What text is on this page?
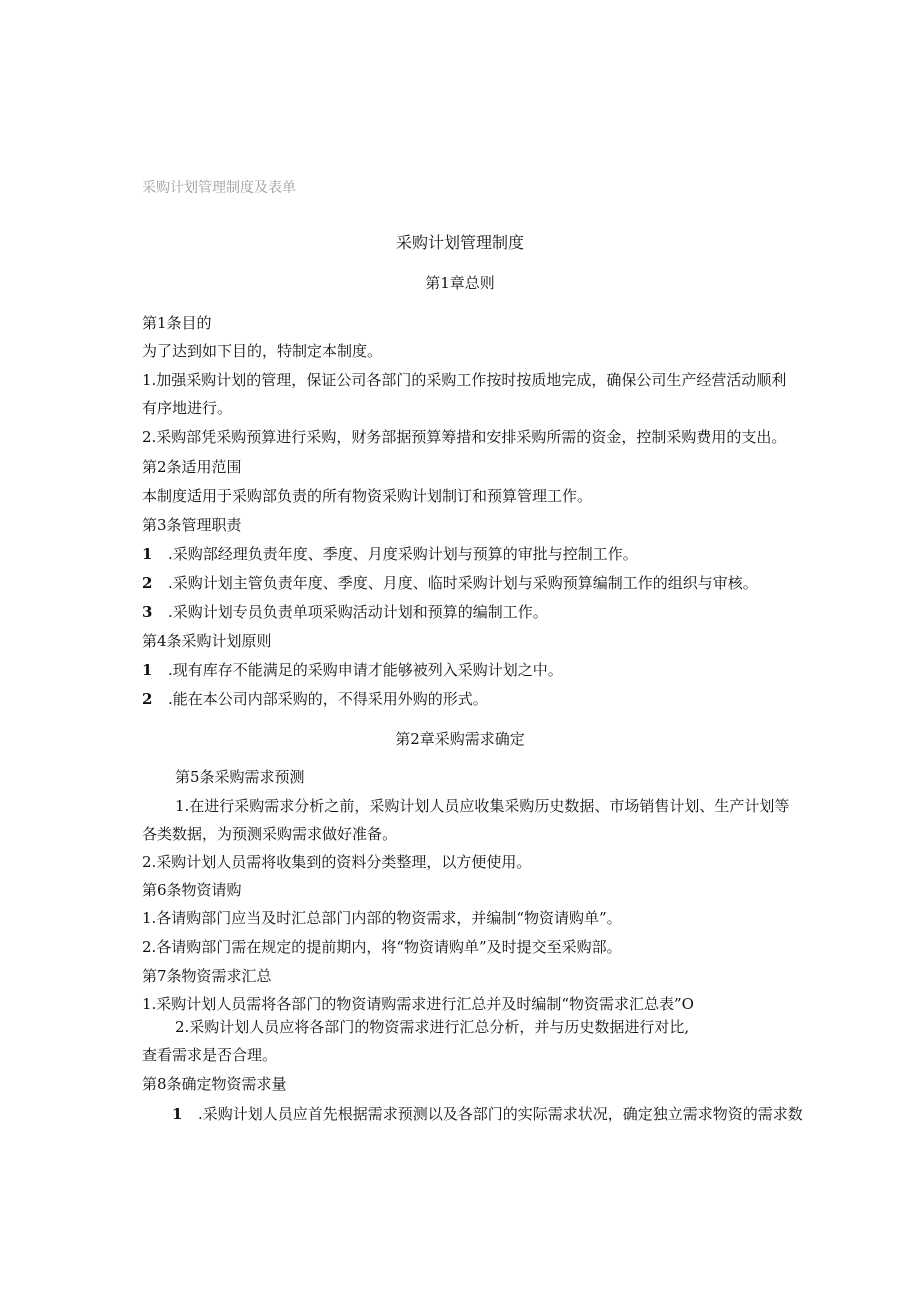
采购计划管理制度及表单
采购计划管理制度
第1章总则
第1条目的
为了达到如下目的，特制定本制度。
1.加强采购计划的管理，保证公司各部门的采购工作按时按质地完成，确保公司生产经营活动顺利
有序地进行。
2.采购部凭采购预算进行采购，财务部据预算筹措和安排采购所需的资金，控制采购费用的支出。
第2条适用范围
本制度适用于采购部负责的所有物资采购计划制订和预算管理工作。
第3条管理职责
1 .采购部经理负责年度、季度、月度采购计划与预算的审批与控制工作。
2 .采购计划主管负责年度、季度、月度、临时采购计划与采购预算编制工作的组织与审核。
3 .采购计划专员负责单项采购活动计划和预算的编制工作。
第4条采购计划原则
1 .现有库存不能满足的采购申请才能够被列入采购计划之中。
2 .能在本公司内部采购的，不得采用外购的形式。
第2章采购需求确定
第5条采购需求预测
1.在进行采购需求分析之前，采购计划人员应收集采购历史数据、市场销售计划、生产计划等
各类数据，为预测采购需求做好准备。
2.采购计划人员需将收集到的资料分类整理，以方便使用。
第6条物资请购
1.各请购部门应当及时汇总部门内部的物资需求，并编制“物资请购单”。
2.各请购部门需在规定的提前期内，将“物资请购单”及时提交至采购部。
第7条物资需求汇总
1.采购计划人员需将各部门的物资请购需求进行汇总并及时编制“物资需求汇总表”O
2.采购计划人员应将各部门的物资需求进行汇总分析，并与历史数据进行对比,
查看需求是否合理。
第8条确定物资需求量
1 .采购计划人员应首先根据需求预测以及各部门的实际需求状况，确定独立需求物资的需求数
